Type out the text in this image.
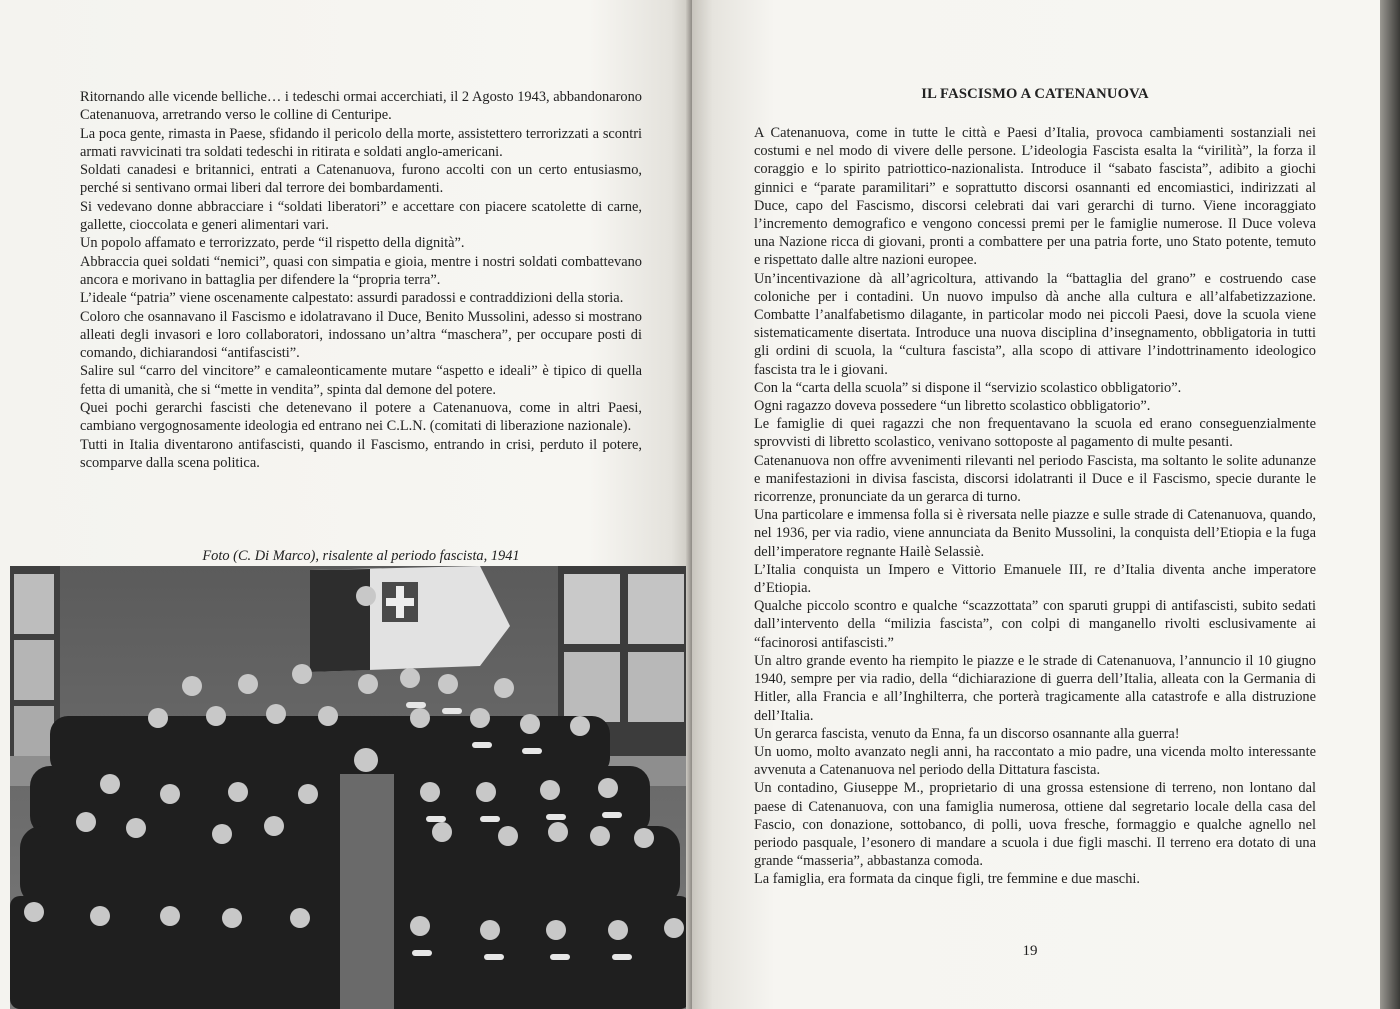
Ritornando alle vicende belliche… i tedeschi ormai accerchiati, il 2 Agosto 1943, abbandonarono Catenanuova, arretrando verso le colline di Centuripe.

La poca gente, rimasta in Paese, sfidando il pericolo della morte, assistettero terrorizzati a scontri armati ravvicinati tra soldati tedeschi in ritirata e soldati anglo-americani.

Soldati canadesi e britannici, entrati a Catenanuova, furono accolti con un certo entusiasmo, perché si sentivano ormai liberi dal terrore dei bombardamenti.

Si vedevano donne abbracciare i “soldati liberatori” e accettare con piacere scatolette di carne, gallette, cioccolata e generi alimentari vari.

Un popolo affamato e terrorizzato, perde “il rispetto della dignità”.

Abbraccia quei soldati “nemici”, quasi con simpatia e gioia, mentre i nostri soldati combattevano ancora e morivano in battaglia per difendere la “propria terra”.

L’ideale “patria” viene oscenamente calpestato: assurdi paradossi e contraddizioni della storia.

Coloro che osannavano il Fascismo e idolatravano il Duce, Benito Mussolini, adesso si mostrano alleati degli invasori e loro collaboratori, indossano un’altra “maschera”, per occupare posti di comando, dichiarandosi “antifascisti”.

Salire sul “carro del vincitore” e camaleonticamente mutare “aspetto e ideali” è tipico di quella fetta di umanità, che si “mette in vendita”, spinta dal demone del potere.

Quei pochi gerarchi fascisti che detenevano il potere a Catenanuova, come in altri Paesi, cambiano vergognosamente ideologia ed entrano nei C.L.N. (comitati di liberazione nazionale).

Tutti in Italia diventarono antifascisti, quando il Fascismo, entrando in crisi, perduto il potere, scomparve dalla scena politica.

Foto (C. Di Marco), risalente al periodo fascista, 1941
IL FASCISMO A CATENANUOVA

A Catenanuova, come in tutte le città e Paesi d’Italia, provoca cambiamenti sostanziali nei costumi e nel modo di vivere delle persone. L’ideologia Fascista esalta la “virilità”, la forza il coraggio e lo spirito patriottico-nazionalista. Introduce il “sabato fascista”, adibito a giochi ginnici e “parate paramilitari” e soprattutto discorsi osannanti ed encomiastici, indirizzati al Duce, capo del Fascismo, discorsi celebrati dai vari gerarchi di turno. Viene incoraggiato l’incremento demografico e vengono concessi premi per le famiglie numerose. Il Duce voleva una Nazione ricca di giovani, pronti a combattere per una patria forte, uno Stato potente, temuto e rispettato dalle altre nazioni europee.

Un’incentivazione dà all’agricoltura, attivando la “battaglia del grano” e costruendo case coloniche per i contadini. Un nuovo impulso dà anche alla cultura e all’alfabetizzazione. Combatte l’analfabetismo dilagante, in particolar modo nei piccoli Paesi, dove la scuola viene sistematicamente disertata. Introduce una nuova disciplina d’insegnamento, obbligatoria in tutti gli ordini di scuola, la “cultura fascista”, alla scopo di attivare l’indottrinamento ideologico fascista tra le i giovani.

Con la “carta della scuola” si dispone il “servizio scolastico obbligatorio”.

Ogni ragazzo doveva possedere “un libretto scolastico obbligatorio”.

Le famiglie di quei ragazzi che non frequentavano la scuola ed erano conseguenzialmente sprovvisti di libretto scolastico, venivano sottoposte al pagamento di multe pesanti.

Catenanuova non offre avvenimenti rilevanti nel periodo Fascista, ma soltanto le solite adunanze e manifestazioni in divisa fascista, discorsi idolatranti il Duce e il Fascismo, specie durante le ricorrenze, pronunciate da un gerarca di turno.

Una particolare e immensa folla si è riversata nelle piazze e sulle strade di Catenanuova, quando, nel 1936, per via radio, viene annunciata da Benito Mussolini, la conquista dell’Etiopia e la fuga dell’imperatore regnante Hailè Selassiè.

L’Italia conquista un Impero e Vittorio Emanuele III, re d’Italia diventa anche imperatore d’Etiopia.

Qualche piccolo scontro e qualche “scazzottata” con sparuti gruppi di antifascisti, subito sedati dall’intervento della “milizia fascista”, con colpi di manganello rivolti esclusivamente ai “facinorosi antifascisti.”

Un altro grande evento ha riempito le piazze e le strade di Catenanuova, l’annuncio il 10 giugno 1940, sempre per via radio, della “dichiarazione di guerra dell’Italia, alleata con la Germania di Hitler, alla Francia e all’Inghilterra, che porterà tragicamente alla catastrofe e alla distruzione dell’Italia.

Un gerarca fascista, venuto da Enna, fa un discorso osannante alla guerra!

Un uomo, molto avanzato negli anni, ha raccontato a mio padre, una vicenda molto interessante avvenuta a Catenanuova nel periodo della Dittatura fascista.

Un contadino, Giuseppe M., proprietario di una grossa estensione di terreno, non lontano dal paese di Catenanuova, con una famiglia numerosa, ottiene dal segretario locale della casa del Fascio, con donazione, sottobanco, di polli, uova fresche, formaggio e qualche agnello nel periodo pasquale, l’esonero di mandare a scuola i due figli maschi. Il terreno era dotato di una grande “masseria”, abbastanza comoda.

La famiglia, era formata da cinque figli, tre femmine e due maschi.

19
